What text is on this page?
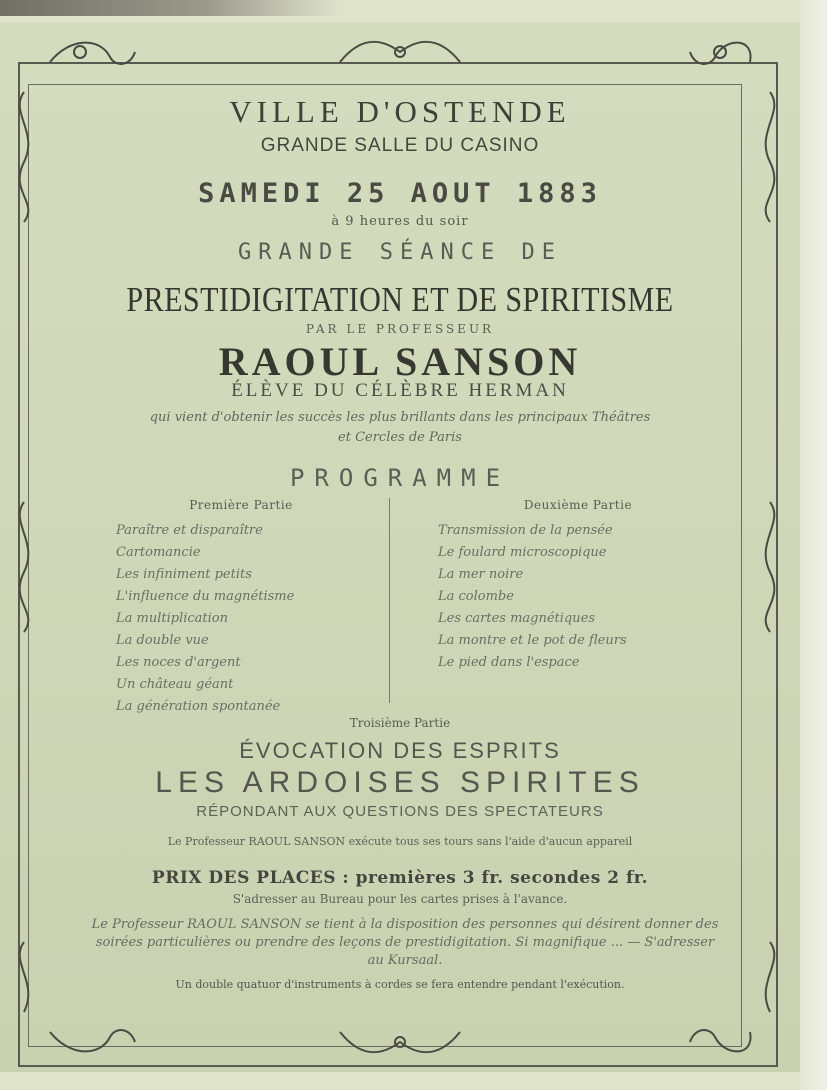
VILLE D'OSTENDE
GRANDE SALLE DU CASINO
SAMEDI 25 AOUT 1883
à 9 heures du soir
GRANDE SÉANCE DE
PRESTIDIGITATION ET DE SPIRITISME
PAR LE PROFESSEUR
RAOUL SANSON
ÉLÈVE DU CÉLÈBRE HERMAN
qui vient d'obtenir les succès les plus brillants dans les principaux Théâtres
et Cercles de Paris
PROGRAMME
Première Partie
Paraître et disparaître
Cartomancie
Les infiniment petits
L'influence du magnétisme
La multiplication
La double vue
Les noces d'argent
Un château géant
La génération spontanée
Deuxième Partie
Transmission de la pensée
Le foulard microscopique
La mer noire
La colombe
Les cartes magnétiques
La montre et le pot de fleurs
Le pied dans l'espace
Troisième Partie
ÉVOCATION DES ESPRITS
LES ARDOISES SPIRITES
RÉPONDANT AUX QUESTIONS DES SPECTATEURS
Le Professeur RAOUL SANSON exécute tous ses tours sans l'aide d'aucun appareil
PRIX DES PLACES : premières 3 fr. secondes 2 fr.
S'adresser au Bureau pour les cartes prises à l'avance.
Le Professeur RAOUL SANSON se tient à la disposition des personnes qui désirent donner des soirées particulières ou prendre des leçons de prestidigitation. Si magnifique ... — S'adresser au Kursaal.
Un double quatuor d'instruments à cordes se fera entendre pendant l'exécution.
